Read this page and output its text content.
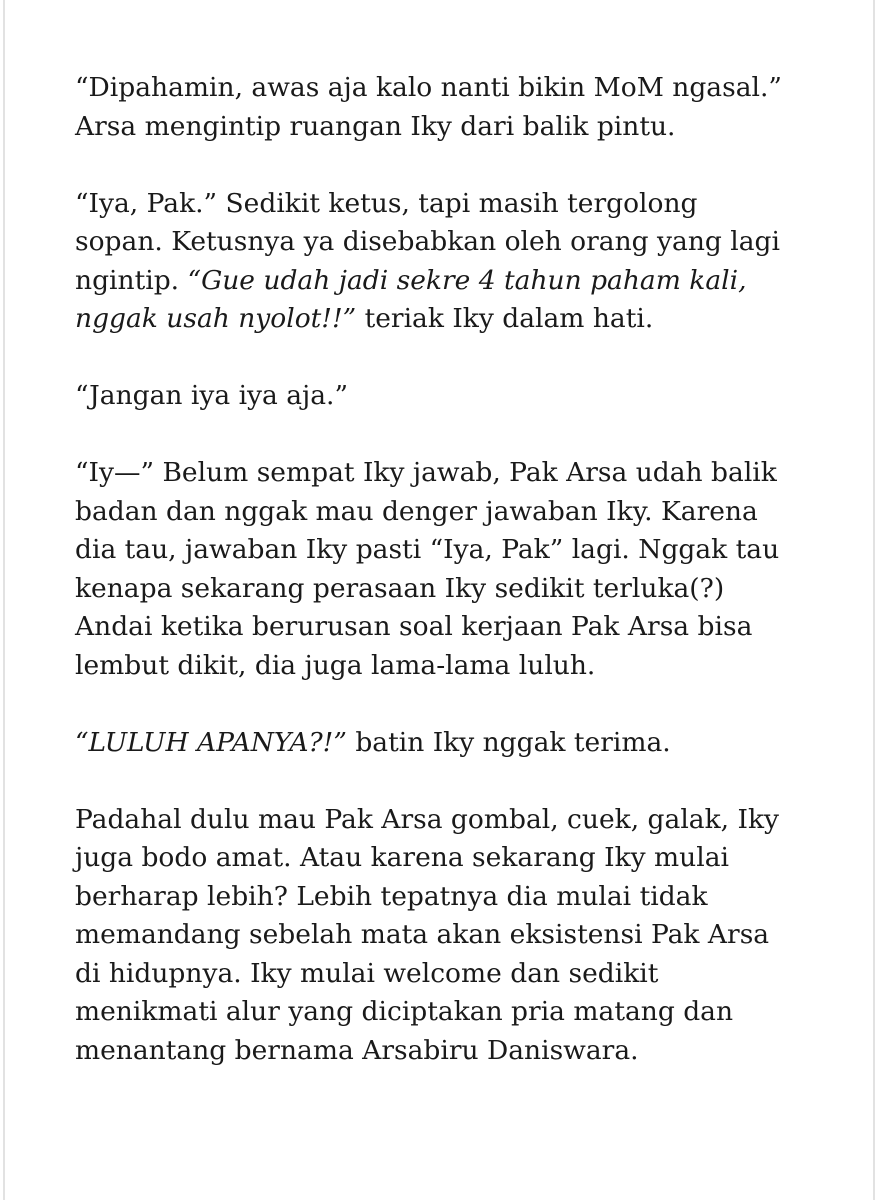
“Dipahamin, awas aja kalo nanti bikin MoM ngasal.”
Arsa mengintip ruangan Iky dari balik pintu.
“Iya, Pak.” Sedikit ketus, tapi masih tergolong
sopan. Ketusnya ya disebabkan oleh orang yang lagi
ngintip. “Gue udah jadi sekre 4 tahun paham kali,
nggak usah nyolot!!” teriak Iky dalam hati.
“Jangan iya iya aja.”
“Iy—” Belum sempat Iky jawab, Pak Arsa udah balik
badan dan nggak mau denger jawaban Iky. Karena
dia tau, jawaban Iky pasti “Iya, Pak” lagi. Nggak tau
kenapa sekarang perasaan Iky sedikit terluka(?)
Andai ketika berurusan soal kerjaan Pak Arsa bisa
lembut dikit, dia juga lama-lama luluh.
“LULUH APANYA?!” batin Iky nggak terima.
Padahal dulu mau Pak Arsa gombal, cuek, galak, Iky
juga bodo amat. Atau karena sekarang Iky mulai
berharap lebih? Lebih tepatnya dia mulai tidak
memandang sebelah mata akan eksistensi Pak Arsa
di hidupnya. Iky mulai welcome dan sedikit
menikmati alur yang diciptakan pria matang dan
menantang bernama Arsabiru Daniswara.
